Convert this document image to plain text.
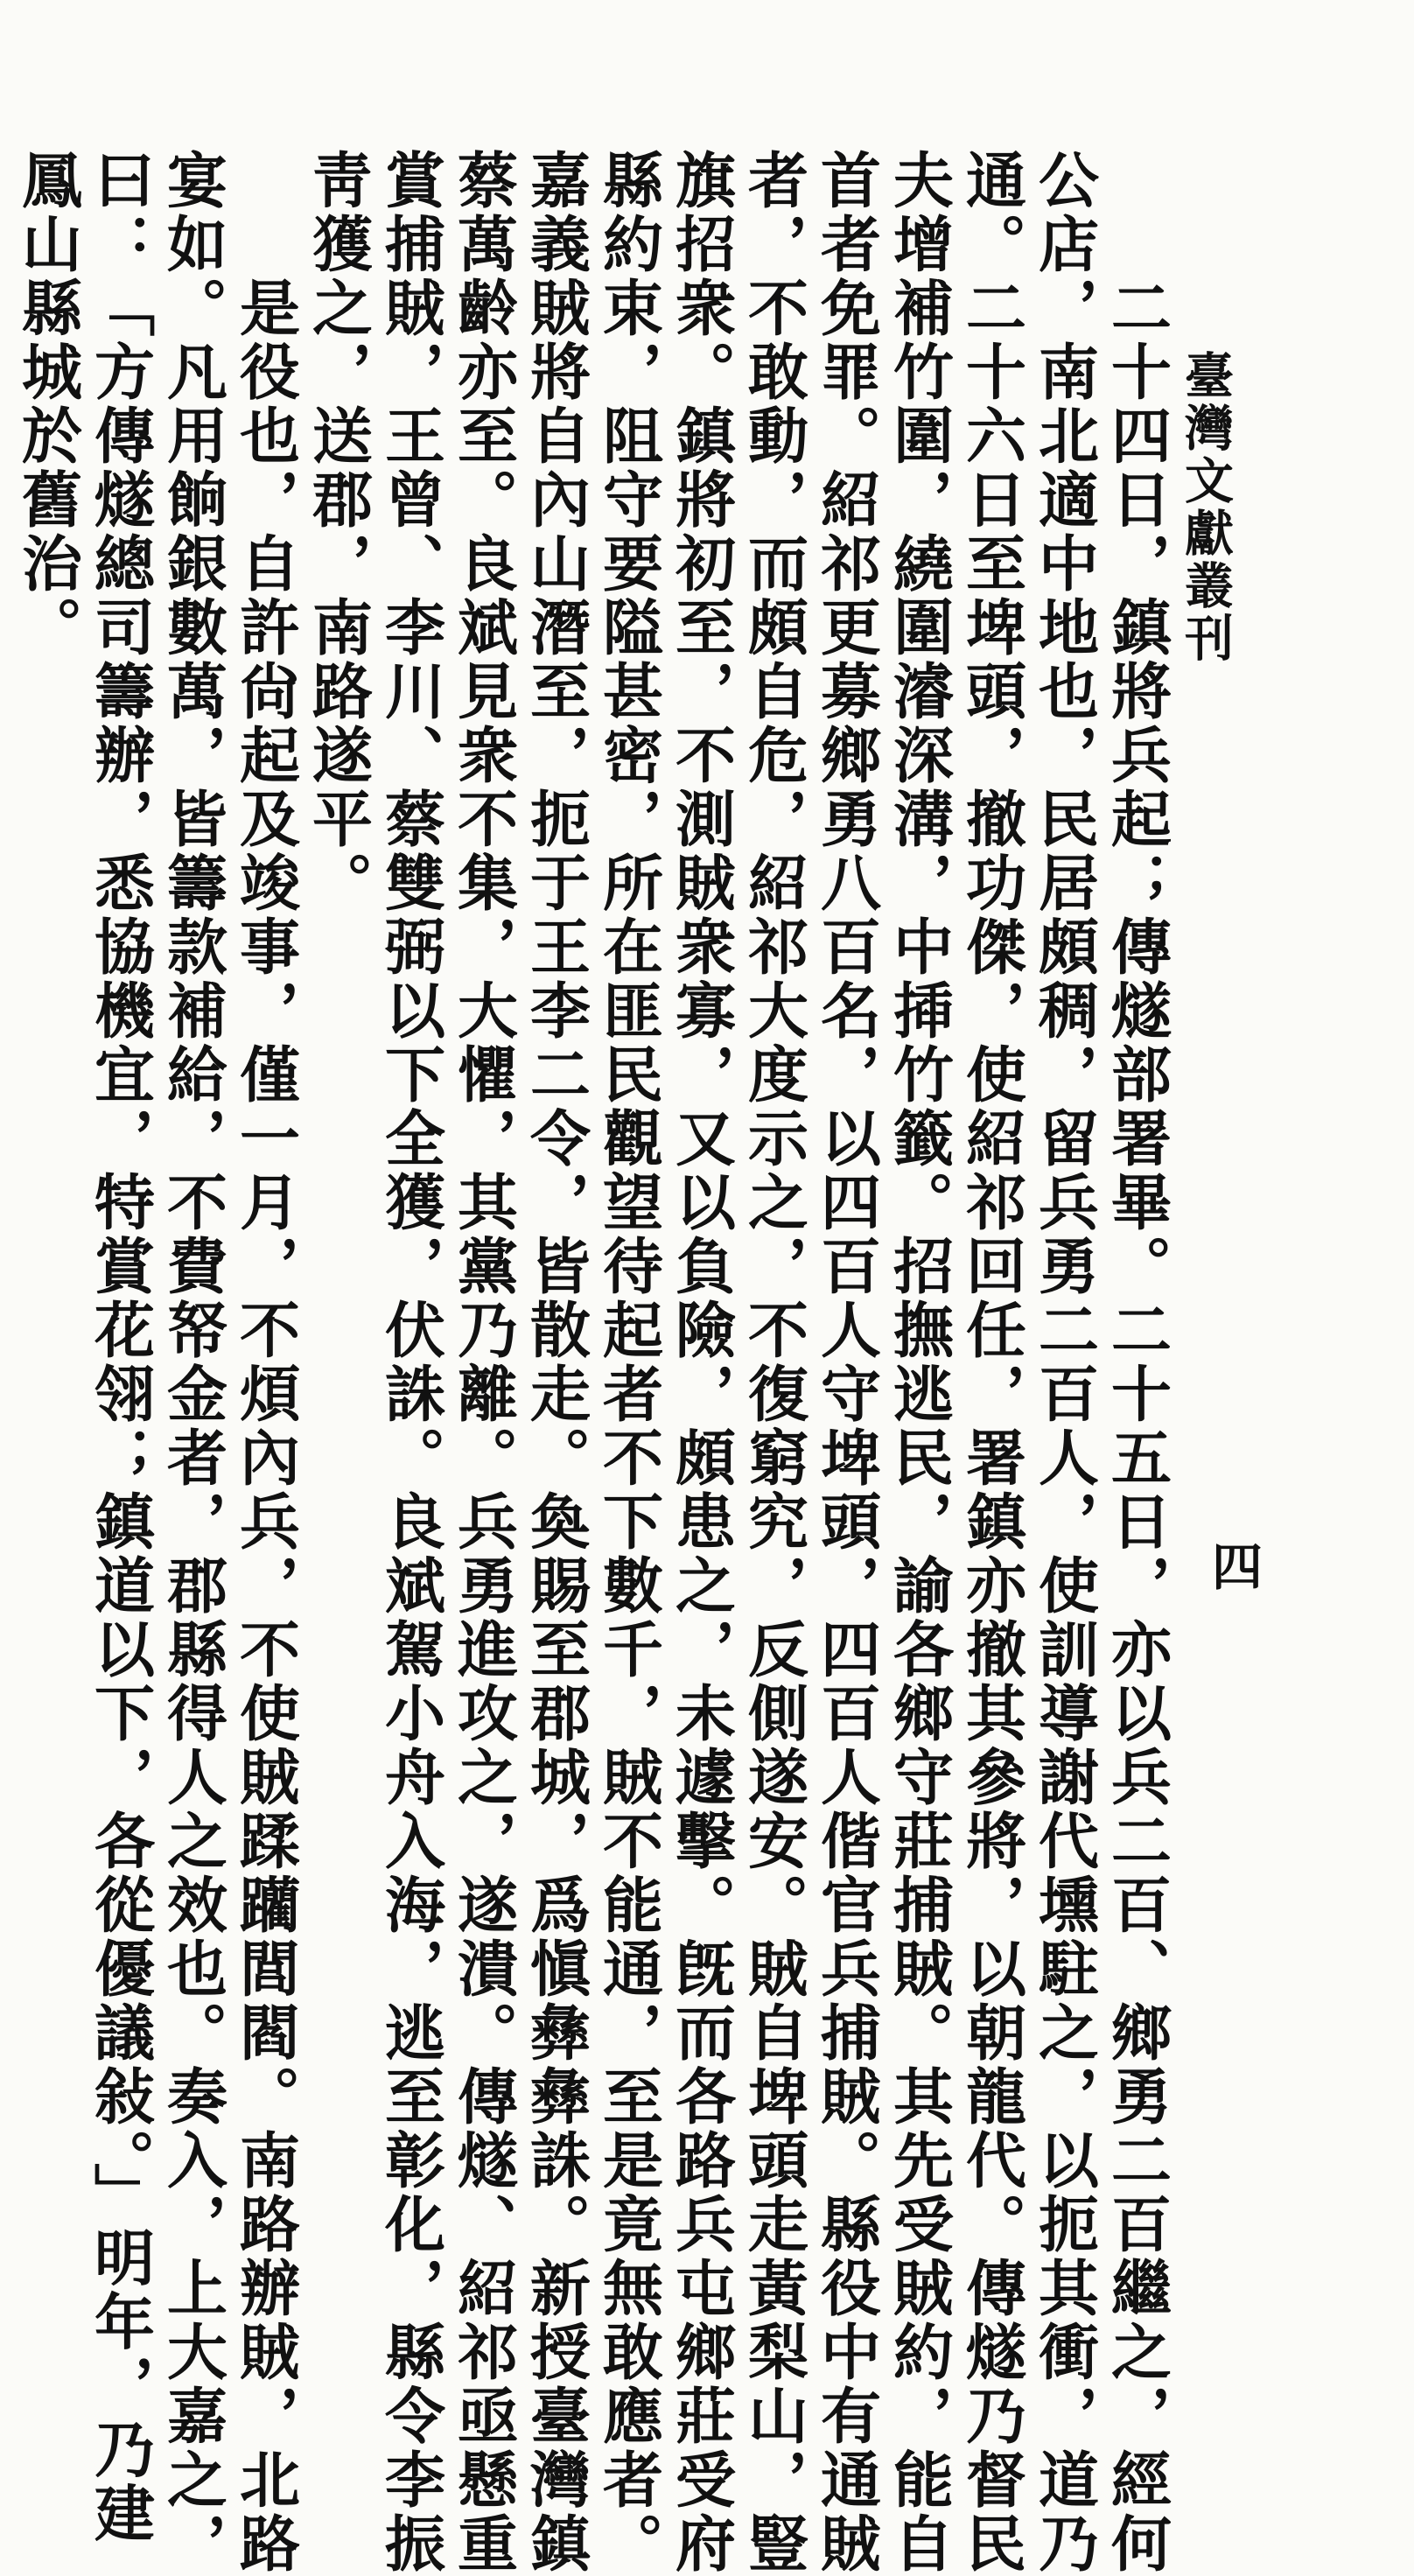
臺灣文獻叢刊
四
二十四日，鎮將兵起；傳燧部署畢。二十五日，亦以兵二百、鄉勇二百繼之，經何
公店，南北適中地也，民居頗稠，留兵勇二百人，使訓導謝代壎駐之，以扼其衝，道乃
通。二十六日至埤頭，撤功傑，使紹祁回任，署鎮亦撤其參將，以朝龍代。傳燧乃督民
夫增補竹圍，繞圍濬深溝，中揷竹籤。招撫逃民，諭各鄉守莊捕賊。其先受賊約，能自
首者免罪。紹祁更募鄉勇八百名，以四百人守埤頭，四百人偕官兵捕賊。縣役中有通賊
者，不敢動，而頗自危，紹祁大度示之，不復窮究，反側遂安。賊自埤頭走黃梨山，豎
旗招衆。鎮將初至，不測賊衆寡，又以負險，頗患之，未遽擊。旣而各路兵屯鄉莊受府
縣約束，阻守要隘甚密，所在匪民觀望待起者不下數千，賊不能通，至是竟無敢應者。
嘉義賊將自內山潛至，扼于王李二令，皆散走。奐賜至郡城，爲愼彝彝誅。新授臺灣鎮
蔡萬齡亦至。良斌見衆不集，大懼，其黨乃離。兵勇進攻之，遂潰。傳燧、紹祁亟懸重
賞捕賊，王曾、李川、蔡雙弼以下全獲，伏誅。良斌駕小舟入海，逃至彰化，縣令李振
靑獲之，送郡，南路遂平。
是役也，自許尙起及竣事，僅一月，不煩內兵，不使賊蹂躪閭閻。南路辦賊，北路
宴如。凡用餉銀數萬，皆籌款補給，不費帑金者，郡縣得人之效也。奏入，上大嘉之，
曰：「方傳燧總司籌辦，悉協機宜，特賞花翎；鎮道以下，各從優議敍。」明年，乃建
鳳山縣城於舊治。
